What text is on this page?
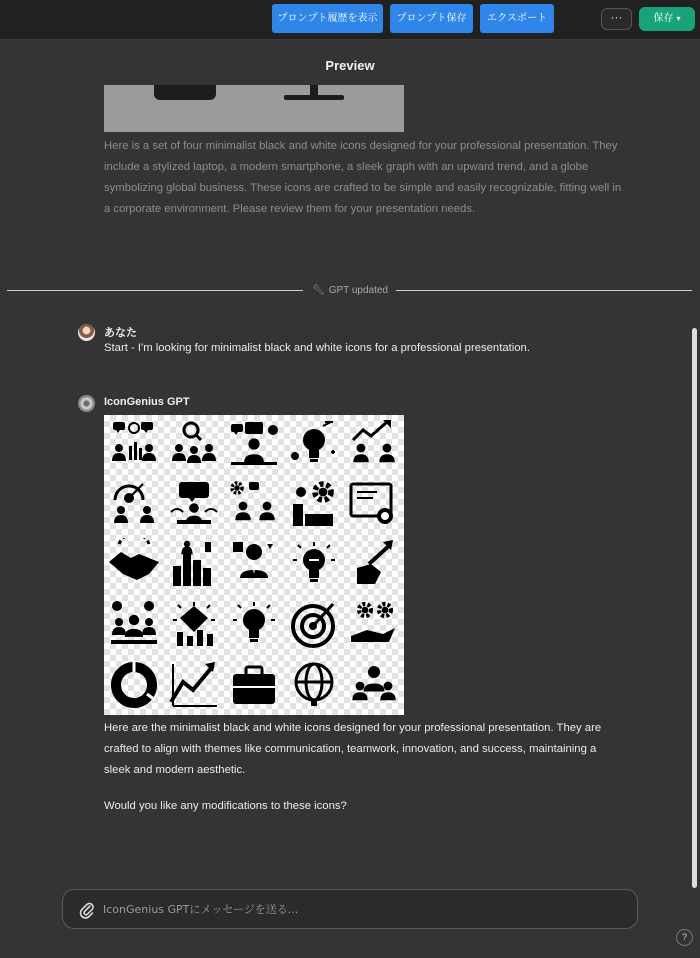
プロンプト履歴を表示	プロンプト保存	エクスポート	···	保存 ▾
Preview
Here is a set of four minimalist black and white icons designed for your professional presentation. They include a stylized laptop, a modern smartphone, a sleek graph with an upward trend, and a globe symbolizing global business. These icons are crafted to be simple and easily recognizable, fitting well in a corporate environment. Please review them for your presentation needs.
🔧︎ GPT updated
あなた
Start - I'm looking for minimalist black and white icons for a professional presentation.
IconGenius GPT
Here are the minimalist black and white icons designed for your professional presentation. They are crafted to align with themes like communication, teamwork, innovation, and success, maintaining a sleek and modern aesthetic.
Would you like any modifications to these icons?
IconGenius GPTにメッセージを送る...
?
